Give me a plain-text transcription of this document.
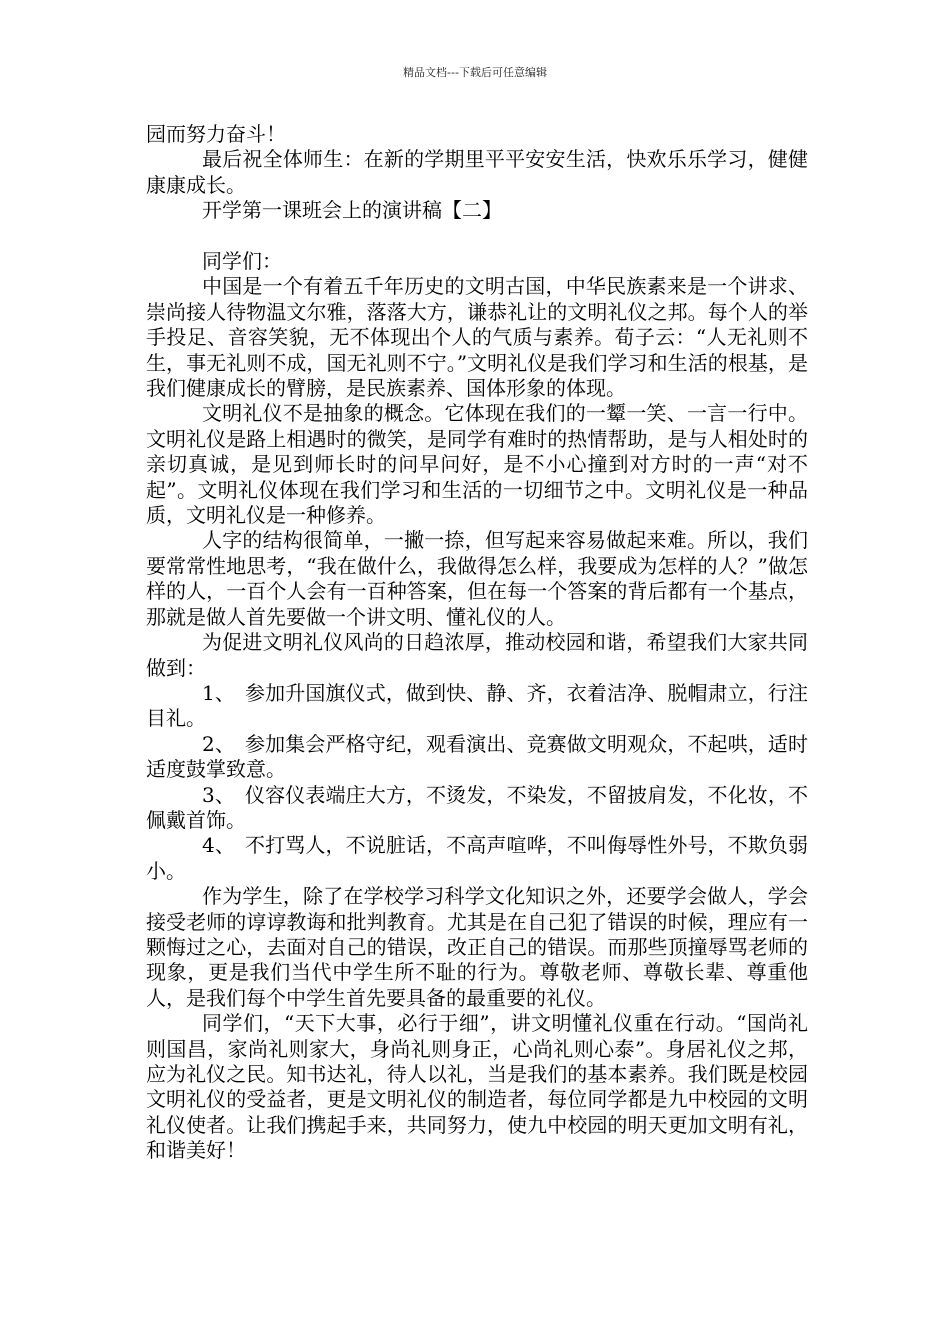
精品文档---下载后可任意编辑

园而努力奋斗！

最后祝全体师生：在新的学期里平平安安生活，快欢乐乐学习，健健康康成长。

开学第一课班会上的演讲稿【二】

同学们：

中国是一个有着五千年历史的文明古国，中华民族素来是一个讲求、崇尚接人待物温文尔雅，落落大方，谦恭礼让的文明礼仪之邦。每个人的举手投足、音容笑貌，无不体现出个人的气质与素养。荀子云：“人无礼则不生，事无礼则不成，国无礼则不宁。”文明礼仪是我们学习和生活的根基，是我们健康成长的臂膀，是民族素养、国体形象的体现。

文明礼仪不是抽象的概念。它体现在我们的一颦一笑、一言一行中。文明礼仪是路上相遇时的微笑，是同学有难时的热情帮助，是与人相处时的亲切真诚，是见到师长时的问早问好，是不小心撞到对方时的一声“对不起”。文明礼仪体现在我们学习和生活的一切细节之中。文明礼仪是一种品质，文明礼仪是一种修养。

人字的结构很简单，一撇一捺，但写起来容易做起来难。所以，我们要常常性地思考，“我在做什么，我做得怎么样，我要成为怎样的人？”做怎样的人，一百个人会有一百种答案，但在每一个答案的背后都有一个基点，那就是做人首先要做一个讲文明、懂礼仪的人。

为促进文明礼仪风尚的日趋浓厚，推动校园和谐，希望我们大家共同做到：

1、　参加升国旗仪式，做到快、静、齐，衣着洁净、脱帽肃立，行注目礼。

2、　参加集会严格守纪，观看演出、竞赛做文明观众，不起哄，适时适度鼓掌致意。

3、　仪容仪表端庄大方，不烫发，不染发，不留披肩发，不化妆，不佩戴首饰。

4、　不打骂人，不说脏话，不高声喧哗，不叫侮辱性外号，不欺负弱小。

作为学生，除了在学校学习科学文化知识之外，还要学会做人，学会接受老师的谆谆教诲和批判教育。尤其是在自己犯了错误的时候，理应有一颗悔过之心，去面对自己的错误，改正自己的错误。而那些顶撞辱骂老师的现象，更是我们当代中学生所不耻的行为。尊敬老师、尊敬长辈、尊重他人，是我们每个中学生首先要具备的最重要的礼仪。

同学们，“天下大事，必行于细”，讲文明懂礼仪重在行动。“国尚礼则国昌，家尚礼则家大，身尚礼则身正，心尚礼则心泰”。身居礼仪之邦，应为礼仪之民。知书达礼，待人以礼，当是我们的基本素养。我们既是校园文明礼仪的受益者，更是文明礼仪的制造者，每位同学都是九中校园的文明礼仪使者。让我们携起手来，共同努力，使九中校园的明天更加文明有礼，和谐美好！
